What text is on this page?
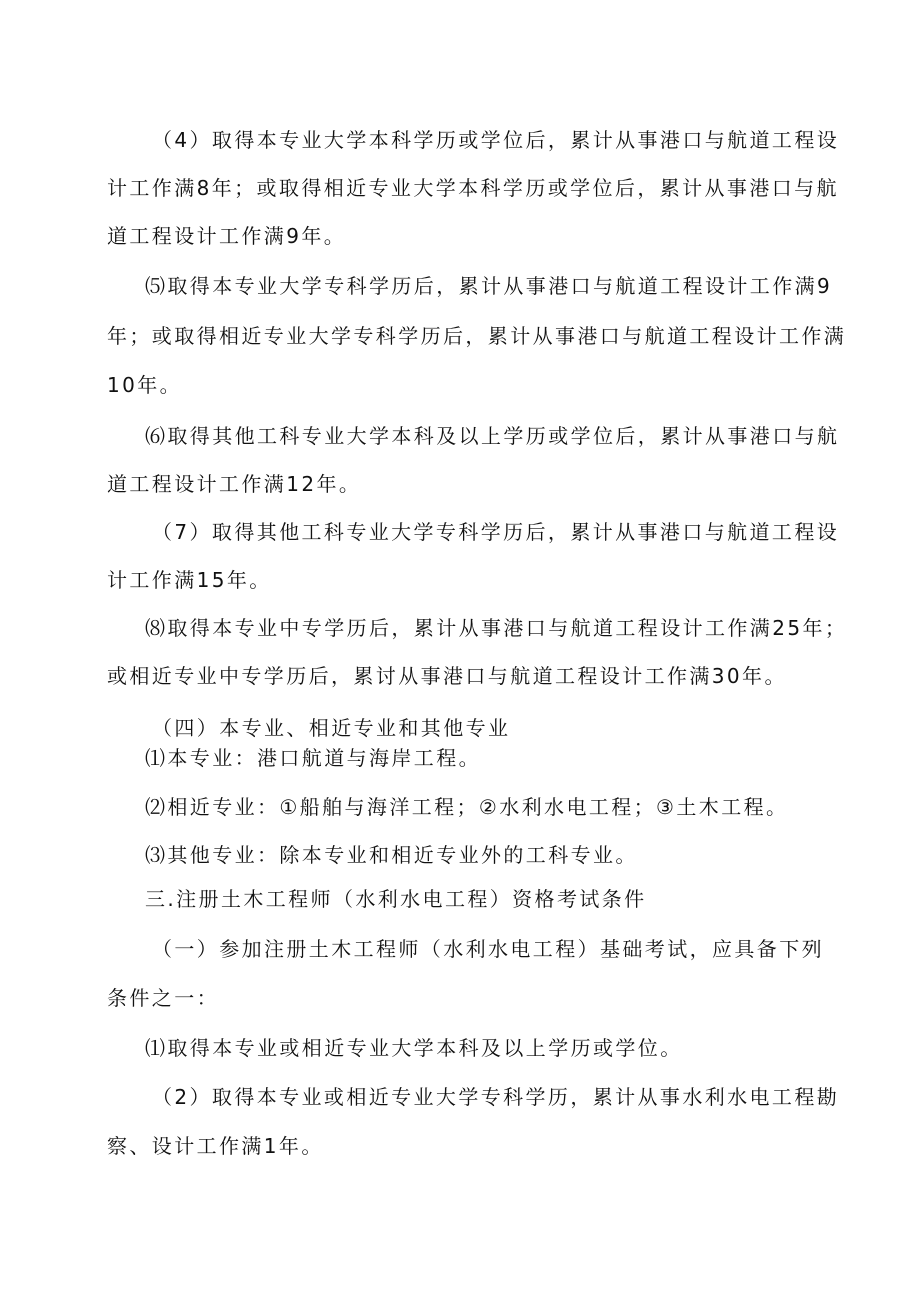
（4）取得本专业大学本科学历或学位后，累计从事港口与航道工程设
计工作满8年；或取得相近专业大学本科学历或学位后，累计从事港口与航
道工程设计工作满9年。
⑸取得本专业大学专科学历后，累计从事港口与航道工程设计工作满9
年；或取得相近专业大学专科学历后，累计从事港口与航道工程设计工作满
10年。
⑹取得其他工科专业大学本科及以上学历或学位后，累计从事港口与航
道工程设计工作满12年。
（7）取得其他工科专业大学专科学历后，累计从事港口与航道工程设
计工作满15年。
⑻取得本专业中专学历后，累计从事港口与航道工程设计工作满25年；
或相近专业中专学历后，累讨从事港口与航道工程设计工作满30年。
（四）本专业、相近专业和其他专业
⑴本专业：港口航道与海岸工程。
⑵相近专业：①船舶与海洋工程；②水利水电工程；③土木工程。
⑶其他专业：除本专业和相近专业外的工科专业。
三.注册土木工程师（水利水电工程）资格考试条件
（一）参加注册土木工程师（水利水电工程）基础考试，应具备下列
条件之一：
⑴取得本专业或相近专业大学本科及以上学历或学位。
（2）取得本专业或相近专业大学专科学历，累计从事水利水电工程勘
察、设计工作满1年。
